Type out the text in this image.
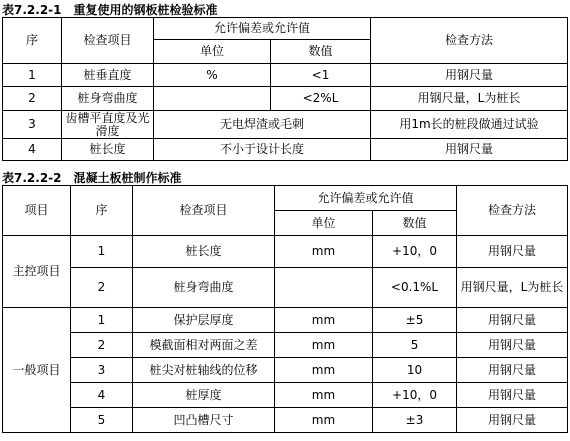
表7.2.2-1 重复使用的钢板桩检验标准
序	检查项目	允许偏差或允许值		检查方法
		单位	数值	
1	桩垂直度	%	<1	用钢尺量
2	桩身弯曲度		<2%L	用钢尺量，L为桩长
3	齿槽平直度及光滑度	无电焊渣或毛刺		用1m长的桩段做通过试验
4	桩长度	不小于设计长度		用钢尺量
表7.2.2-2 混凝土板桩制作标准
项目	序	检查项目	允许偏差或允许值		检查方法
			单位	数值	
主控项目	1	桩长度	mm	+10，0	用钢尺量
	2	桩身弯曲度		<0.1%L	用钢尺量，L为桩长
一般项目	1	保护层厚度	mm	±5	用钢尺量
	2	模截面相对两面之差	mm	5	用钢尺量
	3	桩尖对桩轴线的位移	mm	10	用钢尺量
	4	桩厚度	mm	+10，0	用钢尺量
	5	凹凸槽尺寸	mm	±3	用钢尺量
